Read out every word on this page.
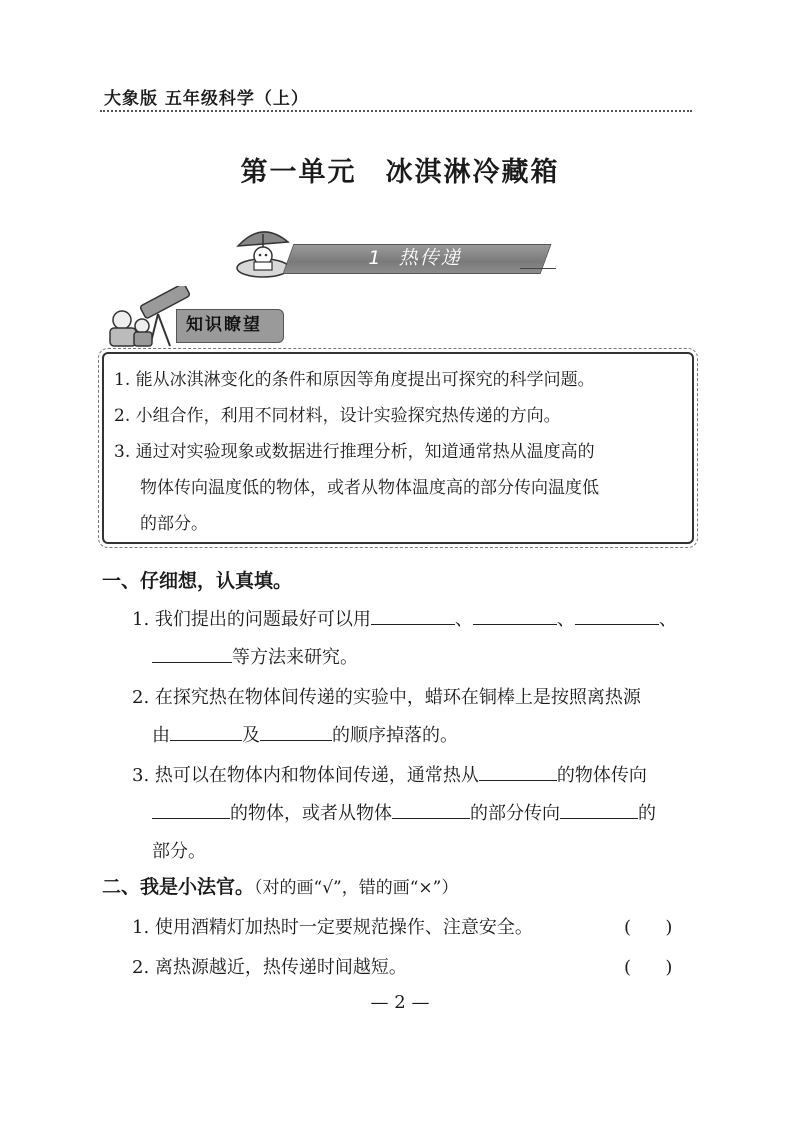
大象版 五年级科学（上）
第一单元　冰淇淋冷藏箱
1  热传递
知识瞭望
1. 能从冰淇淋变化的条件和原因等角度提出可探究的科学问题。
2. 小组合作，利用不同材料，设计实验探究热传递的方向。
3. 通过对实验现象或数据进行推理分析，知道通常热从温度高的
物体传向温度低的物体，或者从物体温度高的部分传向温度低
的部分。
一、仔细想，认真填。
1. 我们提出的问题最好可以用	、	、	、
等方法来研究。
2. 在探究热在物体间传递的实验中，蜡环在铜棒上是按照离热源
由	及	的顺序掉落的。
3. 热可以在物体内和物体间传递，通常热从	的物体传向
的物体，或者从物体	的部分传向	的
部分。
二、我是小法官。（对的画“√”，错的画“×”）
1. 使用酒精灯加热时一定要规范操作、注意安全。	(      )
2. 离热源越近，热传递时间越短。	(      )
— 2 —
